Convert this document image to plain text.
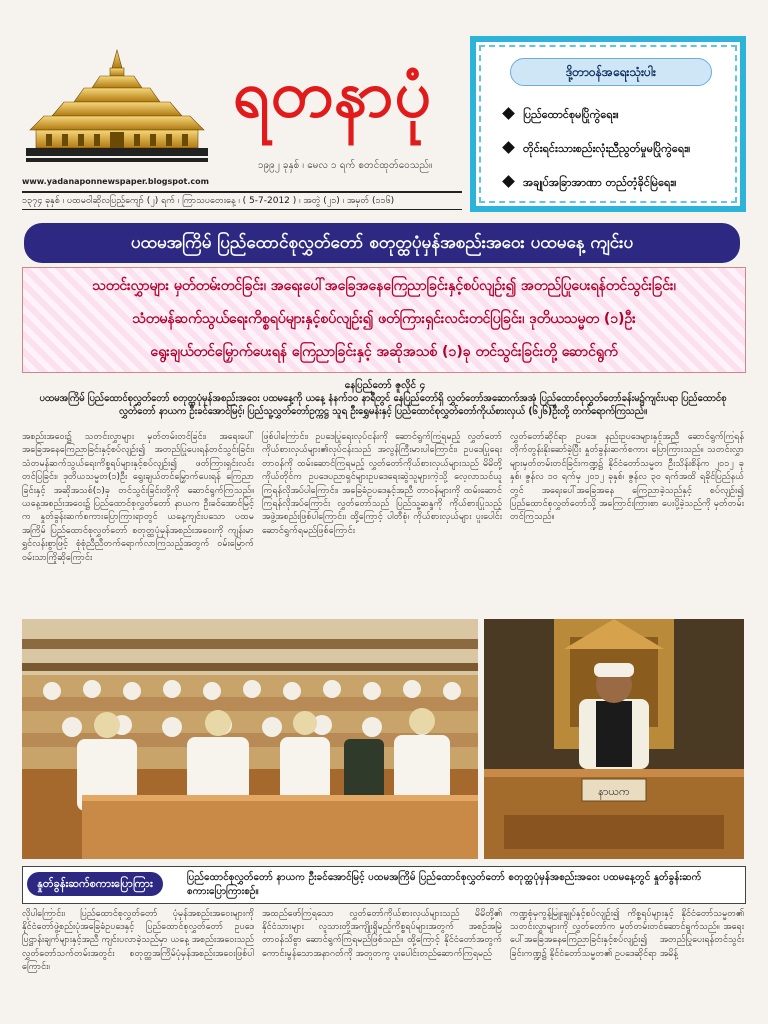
ရတနာပုံ
၁၉၉၂ ခုနှစ် ၊ မေလ ၁ ရက် စတင်ထုတ်ဝေသည်။
www.yadanaponnewspaper.blogspot.com
၁၃၇၄ ခုနှစ် ၊ ပထမဝါဆိုလပြည့်ကျော် (၂) ရက် ၊ ကြာသပတေးနေ့ ၊ ( 5-7-2012 ) ၊ အတွဲ (၂၁) ၊ အမှတ် (၁၁၆)
ဒို့တာဝန်အရေးသုံးပါး
ပြည်ထောင်စုမပြိုကွဲရေး။
တိုင်းရင်းသားစည်းလုံးညီညွတ်မှုမပြိုကွဲရေး။
အချုပ်အခြာအာဏာ တည်တံ့ခိုင်မြဲရေး။
ပထမအကြိမ် ပြည်ထောင်စုလွှတ်တော် စတုတ္ထပုံမှန်အစည်းအဝေး ပထမနေ့ ကျင်းပ
သတင်းလွှာများ မှတ်တမ်းတင်ခြင်း၊ အရေးပေါ်အခြေအနေကြေညာခြင်းနှင့်စပ်လျဉ်း၍ အတည်ပြုပေးရန်တင်သွင်းခြင်း၊
သံတမန်ဆက်သွယ်ရေးကိစ္စရပ်များနှင့်စပ်လျဉ်း၍ ဖတ်ကြားရှင်းလင်းတင်ပြခြင်း၊ ဒုတိယသမ္မတ (၁)ဦး
ရွေးချယ်တင်မြှောက်ပေးရန် ကြေညာခြင်းနှင့် အဆိုအသစ် (၁)ခု တင်သွင်းခြင်းတို့ ဆောင်ရွက်
နေပြည်တော် ဇူလိုင် ၄
ပထမအကြိမ် ပြည်ထောင်စုလွှတ်တော် စတုတ္ထပုံမှန်အစည်းအဝေး ပထမနေ့ကို ယနေ့ နံနက်၁၀ နာရီတွင် နေပြည်တော်ရှိ လွှတ်တော်အဆောက်အအုံ ပြည်ထောင်စုလွှတ်တော်ခန်းမ၌ကျင်းပရာ ပြည်ထောင်စုလွှတ်တော် နာယက ဦးခင်အောင်မြင့်၊ ပြည်သူ့လွှတ်တော်ဥက္ကဋ္ဌ သူရ ဦးရွှေမန်းနှင့် ပြည်ထောင်စုလွှတ်တော်ကိုယ်စားလှယ် (၆၂၆)ဦးတို့ တက်ရောက်ကြသည်။
အစည်းအဝေး၌ သတင်းလွှာများ မှတ်တမ်းတင်ခြင်း၊ အရေးပေါ် အခြေအနေကြေညာခြင်းနှင့်စပ်လျဉ်း၍ အတည်ပြုပေးရန်တင်သွင်းခြင်း၊ သံတမန်ဆက်သွယ်ရေးကိစ္စရပ်များနှင့်စပ်လျဉ်း၍ ဖတ်ကြားရှင်းလင်းတင်ပြခြင်း၊ ဒုတိယသမ္မတ(၁)ဦး ရွေးချယ်တင်မြှောက်ပေးရန် ကြေညာခြင်းနှင့် အဆိုအသစ်(၁)ခု တင်သွင်းခြင်းတို့ကို ဆောင်ရွက်ကြသည်။ ယနေ့အစည်းအဝေး၌ ပြည်ထောင်စုလွှတ်တော် နာယက ဦးခင်အောင်မြင့်က နှုတ်ခွန်းဆက်စကားပြောကြားရာတွင် ယနေ့ကျင်းပသော ပထမအကြိမ် ပြည်ထောင်စုလွှတ်တော် စတုတ္ထပုံမှန်အစည်းအဝေးကို ကျန်းမာရွှင်လန်းစွာဖြင့် စုံစုံညီညီတက်ရောက်လာကြသည့်အတွက် ဝမ်းမြောက်ဝမ်းသာကြိုဆိုကြောင်း
ဖြစ်ပါကြောင်း၊ ဥပဒေပြုရေးလုပ်ငန်းကို ဆောင်ရွက်ကြရမည့် လွှတ်တော်ကိုယ်စားလှယ်များ၏လုပ်ငန်းသည် အလွန်ကြီးမားပါကြောင်း၊ ဥပဒေပြုရေးတာဝန်ကို ထမ်းဆောင်ကြရမည့် လွှတ်တော်ကိုယ်စားလှယ်များသည် မိမိတို့ကိုယ်တိုင်က ဥပဒေပညာရှင်များဥပဒေရေးဆွဲသူများကဲ့သို့ လေ့လာသင်ယူကြရန်လိုအပ်ပါကြောင်း၊ အခြေခံဥပဒေနှင့်အညီ တာဝန်များကို ထမ်းဆောင်ကြရန်လိုအပ်ကြောင်း လွှတ်တော်သည် ပြည်သူ့ဆန္ဒကို ကိုယ်စားပြုသည့် အဖွဲ့အစည်းဖြစ်ပါကြောင်း၊ ထို့ကြောင့် ပါတီစုံ၊ ကိုယ်စားလှယ်များ ပူးပေါင်းဆောင်ရွက်ရမည်ဖြစ်ကြောင်း
လွှတ်တော်ဆိုင်ရာ ဥပဒေ၊ နည်းဥပဒေများနှင့်အညီ ဆောင်ရွက်ကြရန် တိုက်တွန်းနိုးဆော်ခဲ့ပြီး နှုတ်ခွန်းဆက်စကား ပြောကြားသည်။ သတင်းလွှာများမှတ်တမ်းတင်ခြင်းကဏ္ဍ၌ နိုင်ငံတော်သမ္မတ ဦးသိန်းစိန်က ၂၀၁၂ ခုနှစ်၊ ဇွန်လ ၁၀ ရက်မှ ၂၀၁၂ ခုနှစ်၊ ဇွန်လ ၃၀ ရက်အထိ ရခိုင်ပြည်နယ်တွင် အရေးပေါ်အခြေအနေ ကြေညာခဲ့သည်နှင့် စပ်လျဉ်း၍ ပြည်ထောင်စုလွှတ်တော်သို့ အကြောင်းကြားစာ ပေးပို့ခဲ့သည်ကို မှတ်တမ်းတင်ကြသည်။
နာယက
နှုတ်ခွန်းဆက်စကားပြောကြား	ပြည်ထောင်စုလွှတ်တော် နာယက ဦးခင်အောင်မြင့် ပထမအကြိမ် ပြည်ထောင်စုလွှတ်တော် စတုတ္ထပုံမှန်အစည်းအဝေး ပထမနေ့တွင် နှုတ်ခွန်းဆက်စကားပြောကြားစဉ်။
လိုပါကြောင်း၊ ပြည်ထောင်စုလွှတ်တော် ပုံမှန်အစည်းအဝေးများကို နိုင်ငံတော်ဖွဲ့စည်းပုံအခြေခံဥပဒေနှင့် ပြည်ထောင်စုလွှတ်တော် ဥပဒေပြဋ္ဌာန်းချက်များနှင့်အညီ ကျင်းပလာခဲ့သည်မှာ ယနေ့ အစည်းအဝေးသည် လွှတ်တော်သက်တမ်းအတွင်း စတုတ္ထအကြိမ်ပုံမှန်အစည်းအဝေးဖြစ်ပါကြောင်း၊
အထည်ဖော်ကြရသော လွှတ်တော်ကိုယ်စားလှယ်များသည် မိမိတို့၏ နိုင်ငံသားများ လူသားတို့အကျိုးရှိမည့်ကိစ္စရပ်များအတွက် အစဉ်အမြဲ တာဝန်သိစွာ ဆောင်ရွက်ကြရမည်ဖြစ်သည်။ ထို့ကြောင့် နိုင်ငံတော်အတွက် ကောင်းမွန်သောအနာဂတ်ကို အတူတကွ ပူးပေါင်းတည်ဆောက်ကြရမည်
ကဏ္ဍစုံမှကွန့်မြူးချုပ်နှင့်စပ်လျဉ်း၍ ကိစ္စရပ်များနှင့် နိုင်ငံတော်သမ္မတ၏ သတင်းလွှာများကို လွှတ်တော်က မှတ်တမ်းတင်ဆောင်ရွက်သည်။ အရေးပေါ်အခြေအနေကြေညာခြင်းနှင့်စပ်လျဉ်း၍ အတည်ပြုပေးရန်တင်သွင်းခြင်းကဏ္ဍ၌ နိုင်ငံတော်သမ္မတ၏ ဥပဒေဆိုင်ရာ အမိန့်
